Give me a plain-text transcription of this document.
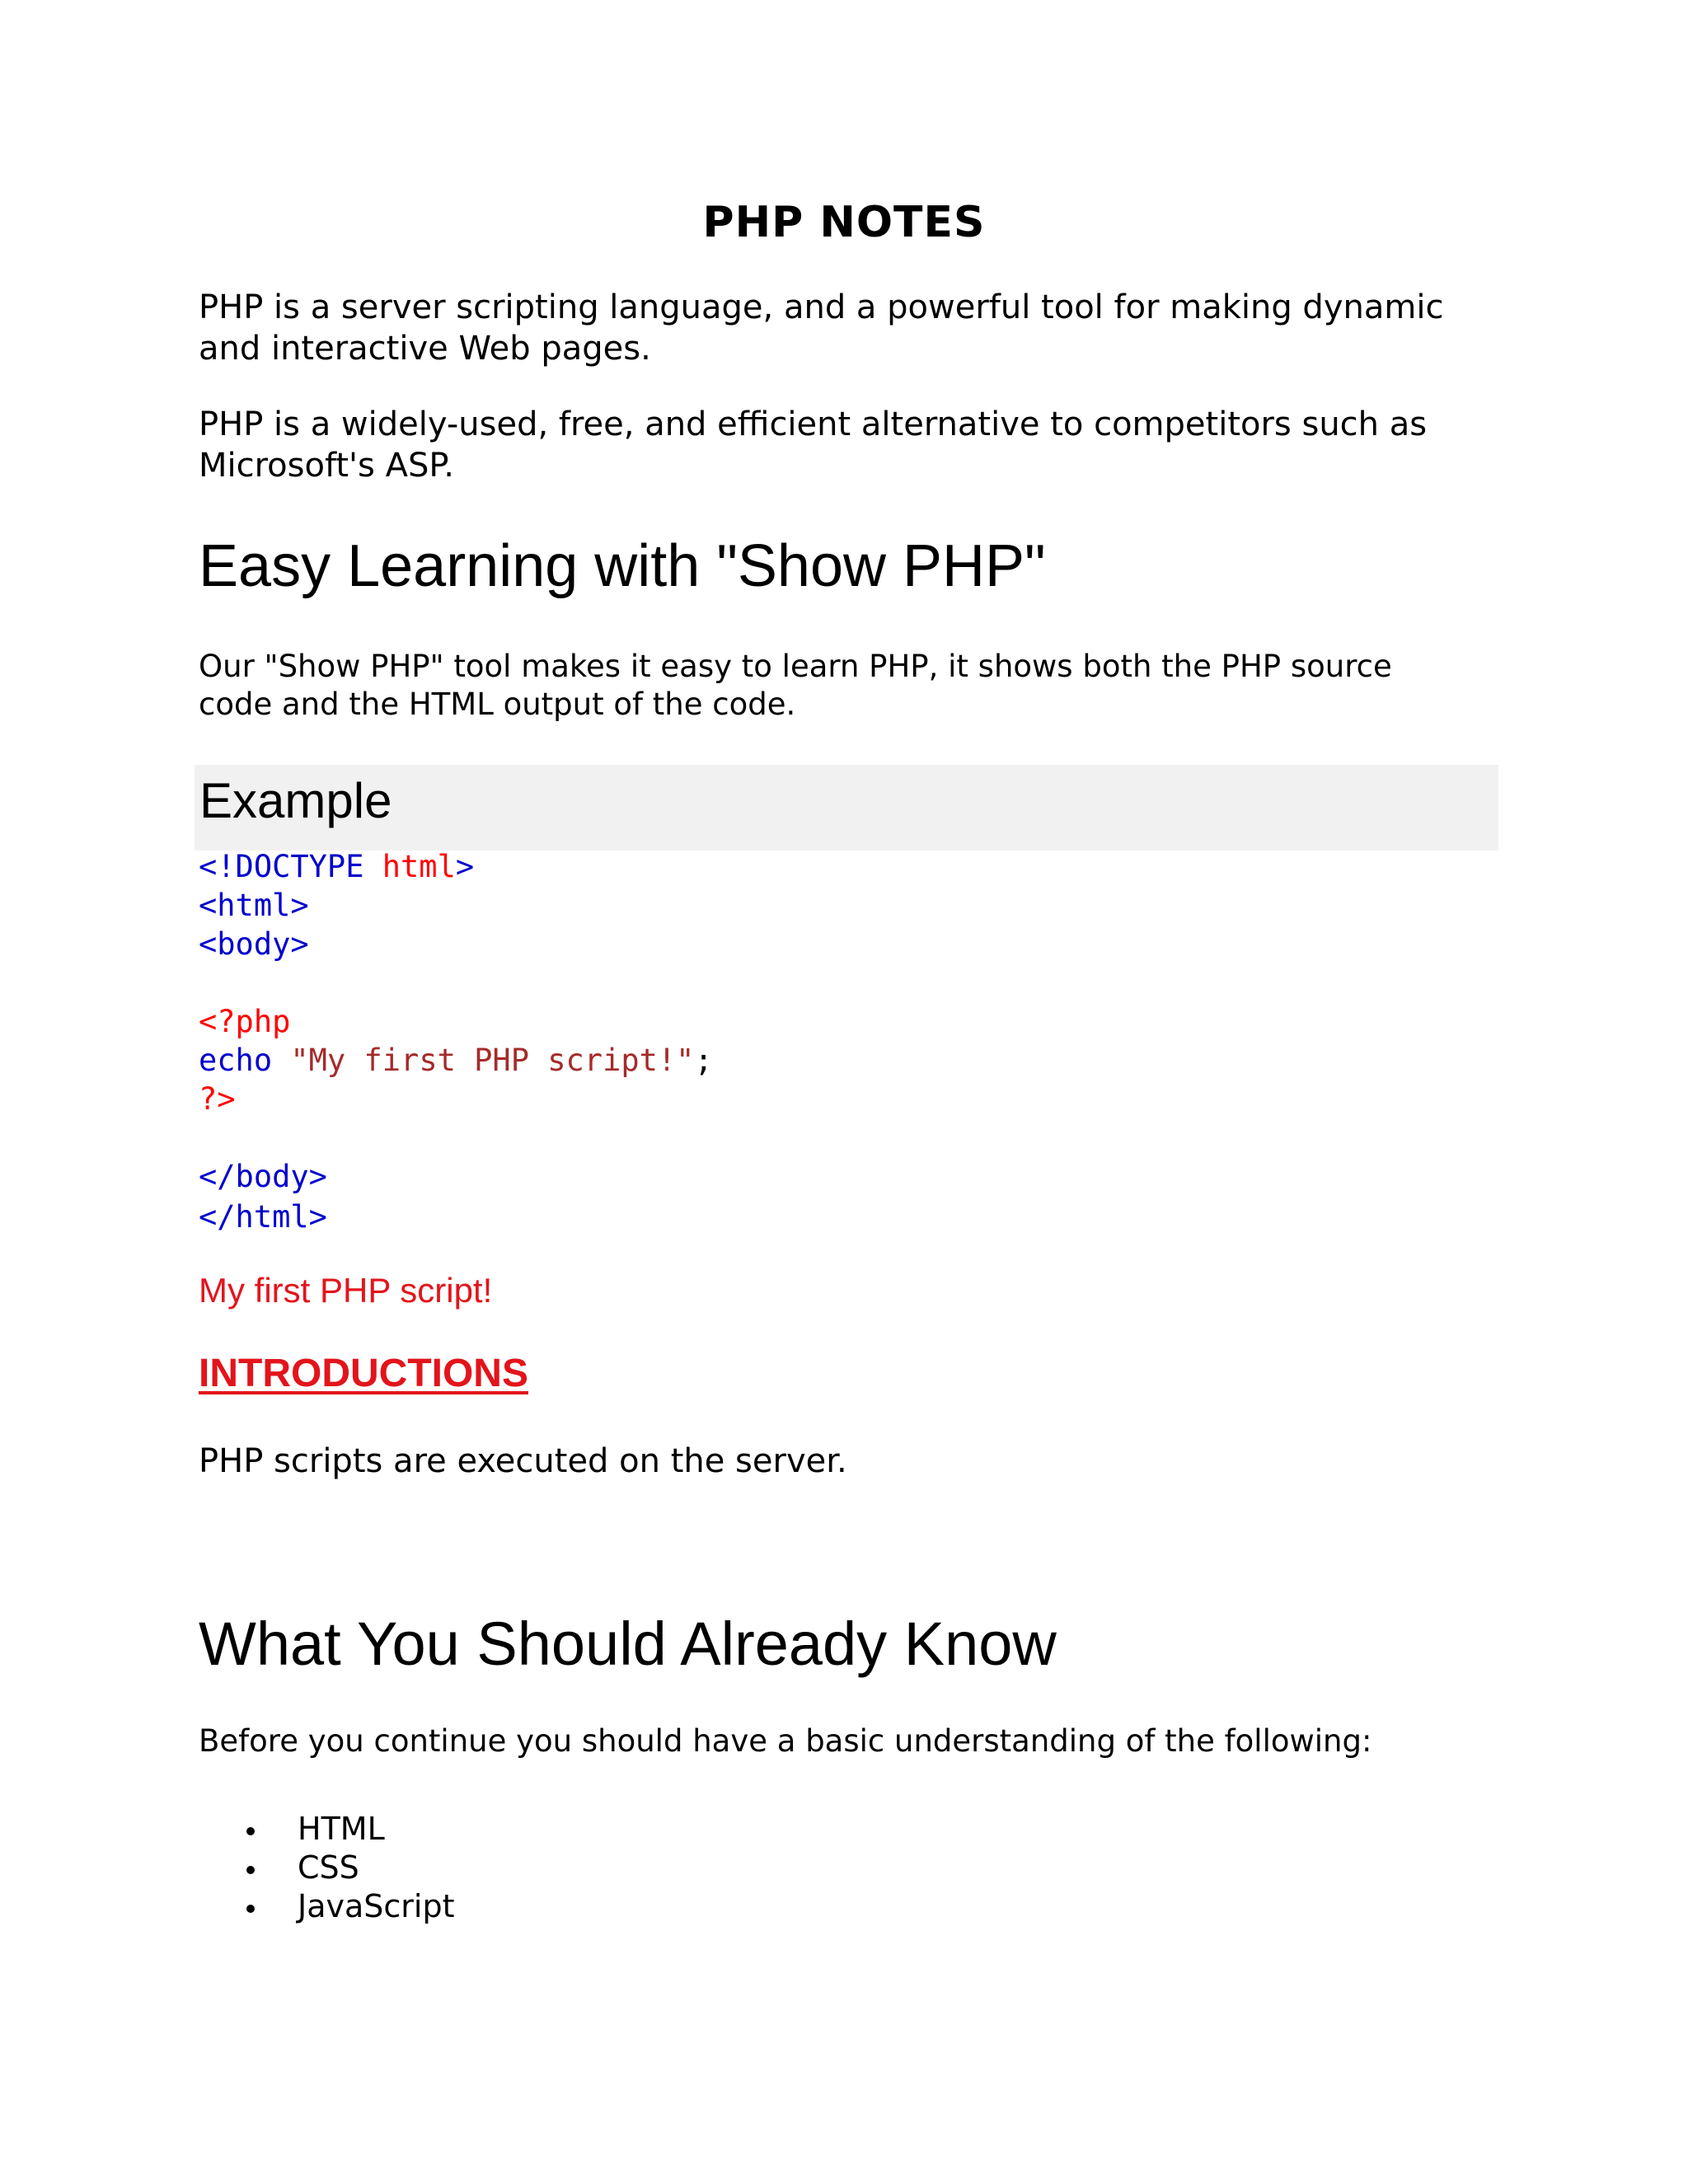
PHP NOTES
PHP is a server scripting language, and a powerful tool for making dynamic
and interactive Web pages.
PHP is a widely-used, free, and efficient alternative to competitors such as
Microsoft's ASP.
Easy Learning with "Show PHP"
Our "Show PHP" tool makes it easy to learn PHP, it shows both the PHP source
code and the HTML output of the code.
Example
<!DOCTYPE html>
<html>
<body>
<?php
echo "My first PHP script!";
?>
</body>
</html>
My first PHP script!
INTRODUCTIONS
PHP scripts are executed on the server.
What You Should Already Know
Before you continue you should have a basic understanding of the following:
HTML
CSS
JavaScript
